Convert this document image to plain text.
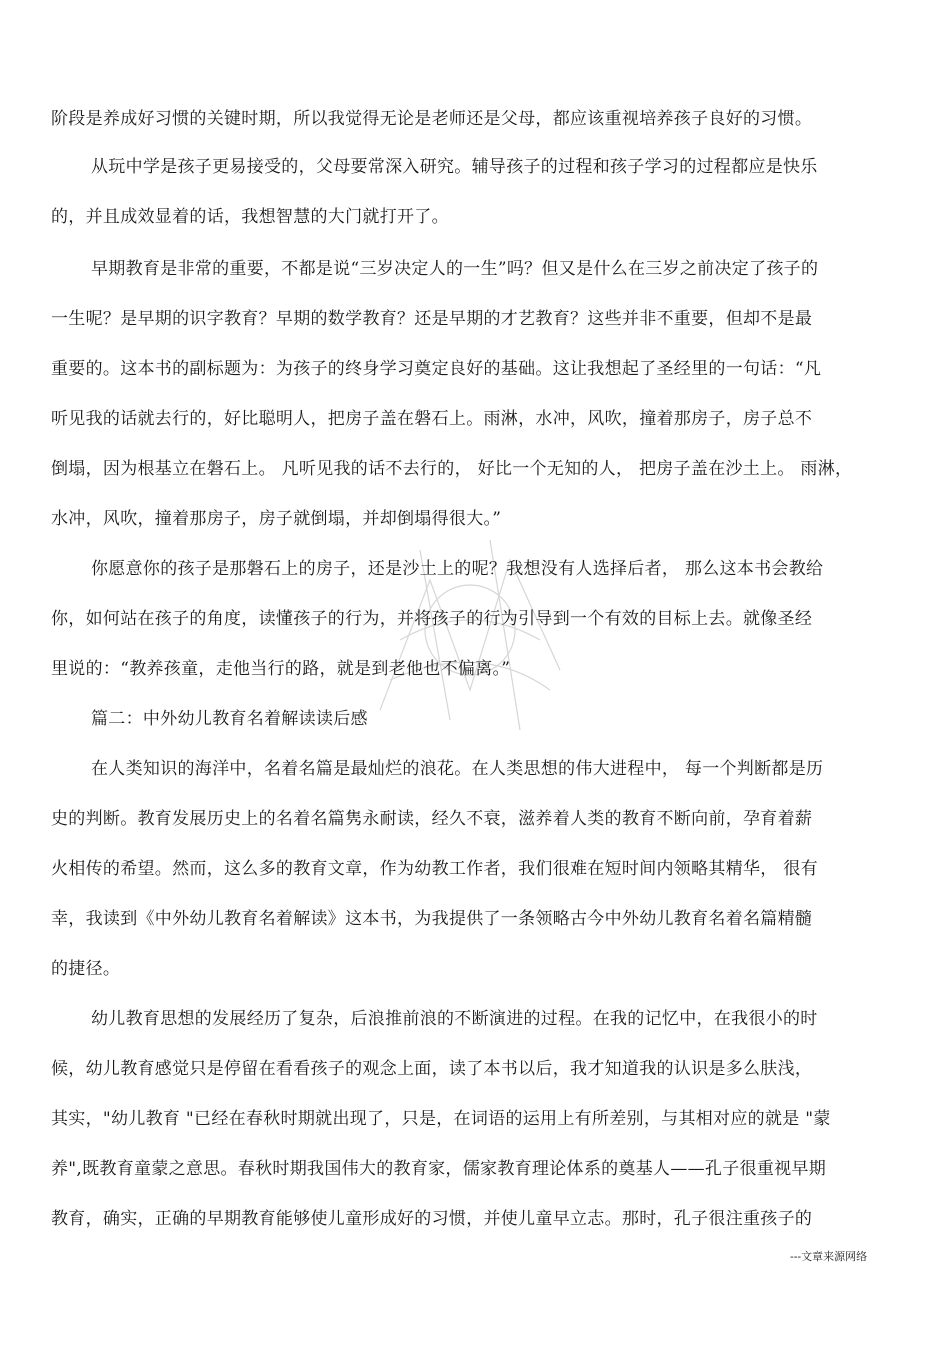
阶段是养成好习惯的关键时期，所以我觉得无论是老师还是父母，都应该重视培养孩子良好的习惯。
从玩中学是孩子更易接受的，父母要常深入研究。辅导孩子的过程和孩子学习的过程都应是快乐
的，并且成效显着的话，我想智慧的大门就打开了。
早期教育是非常的重要，不都是说“三岁决定人的一生”吗？但又是什么在三岁之前决定了孩子的
一生呢？是早期的识字教育？早期的数学教育？还是早期的才艺教育？这些并非不重要，但却不是最
重要的。这本书的副标题为：为孩子的终身学习奠定良好的基础。这让我想起了圣经里的一句话：“凡
听见我的话就去行的，好比聪明人，把房子盖在磐石上。雨淋，水冲，风吹，撞着那房子，房子总不
倒塌，因为根基立在磐石上。 凡听见我的话不去行的， 好比一个无知的人， 把房子盖在沙土上。 雨淋，
水冲，风吹，撞着那房子，房子就倒塌，并却倒塌得很大。”
你愿意你的孩子是那磐石上的房子，还是沙土上的呢？我想没有人选择后者， 那么这本书会教给
你，如何站在孩子的角度，读懂孩子的行为，并将孩子的行为引导到一个有效的目标上去。就像圣经
里说的：“教养孩童，走他当行的路，就是到老他也不偏离。”
篇二：中外幼儿教育名着解读读后感
在人类知识的海洋中，名着名篇是最灿烂的浪花。在人类思想的伟大进程中， 每一个判断都是历
史的判断。教育发展历史上的名着名篇隽永耐读，经久不衰，滋养着人类的教育不断向前，孕育着薪
火相传的希望。然而，这么多的教育文章，作为幼教工作者，我们很难在短时间内领略其精华， 很有
幸，我读到《中外幼儿教育名着解读》这本书，为我提供了一条领略古今中外幼儿教育名着名篇精髓
的捷径。
幼儿教育思想的发展经历了复杂，后浪推前浪的不断演进的过程。在我的记忆中，在我很小的时
候，幼儿教育感觉只是停留在看看孩子的观念上面，读了本书以后，我才知道我的认识是多么肤浅，
其实，"幼儿教育 "已经在春秋时期就出现了，只是，在词语的运用上有所差别，与其相对应的就是 "蒙
养",既教育童蒙之意思。春秋时期我国伟大的教育家，儒家教育理论体系的奠基人——孔子很重视早期
教育，确实，正确的早期教育能够使儿童形成好的习惯，并使儿童早立志。那时，孔子很注重孩子的
---文章来源网络
